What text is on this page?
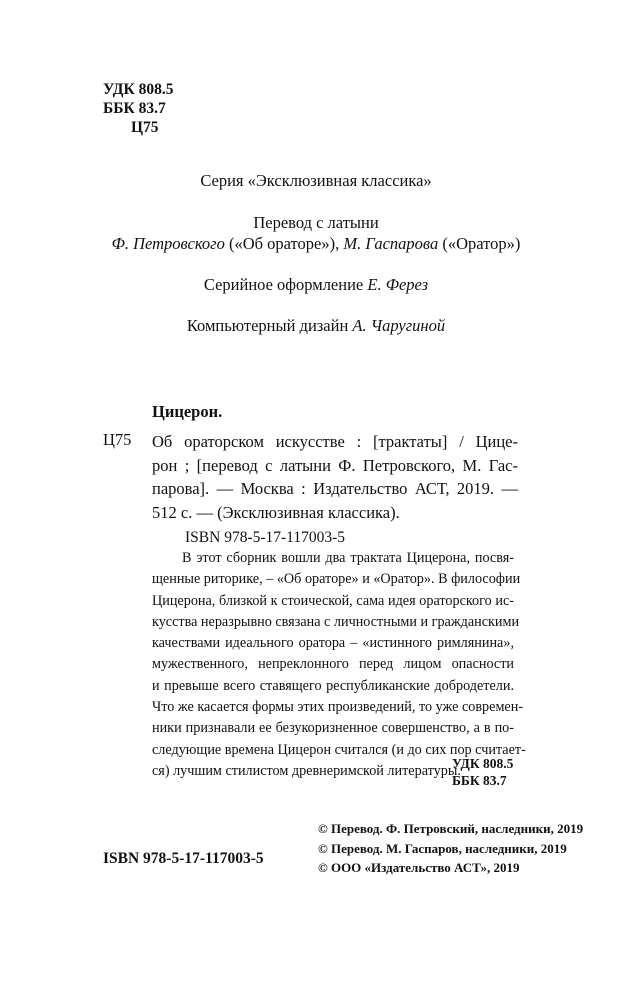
УДК 808.5
ББК 83.7
Ц75
Серия «Эксклюзивная классика»
Перевод с латыни
Ф. Петровского («Об ораторе»), М. Гаспарова («Оратор»)
Серийное оформление Е. Ферез
Компьютерный дизайн А. Чаругиной
Цицерон.
Ц75 Об ораторском искусстве : [трактаты] / Цице-
рон ; [перевод с латыни Ф. Петровского, М. Гас-
парова]. — Москва : Издательство АСТ, 2019. —
512 с. — (Эксклюзивная классика).
ISBN 978-5-17-117003-5
В этот сборник вошли два трактата Цицерона, посвя-
щенные риторике, – «Об ораторе» и «Оратор». В философии
Цицерона, близкой к стоической, сама идея ораторского ис-
кусства неразрывно связана с личностными и гражданскими
качествами идеального оратора – «истинного римлянина»,
мужественного, непреклонного перед лицом опасности
и превыше всего ставящего республиканские добродетели.
Что же касается формы этих произведений, то уже современ-
ники признавали ее безукоризненное совершенство, а в по-
следующие времена Цицерон считался (и до сих пор считает-
ся) лучшим стилистом древнеримской литературы.
УДК 808.5
ББК 83.7
ISBN 978-5-17-117003-5
© Перевод. Ф. Петровский, наследники, 2019
© Перевод. М. Гаспаров, наследники, 2019
© ООО «Издательство АСТ», 2019
